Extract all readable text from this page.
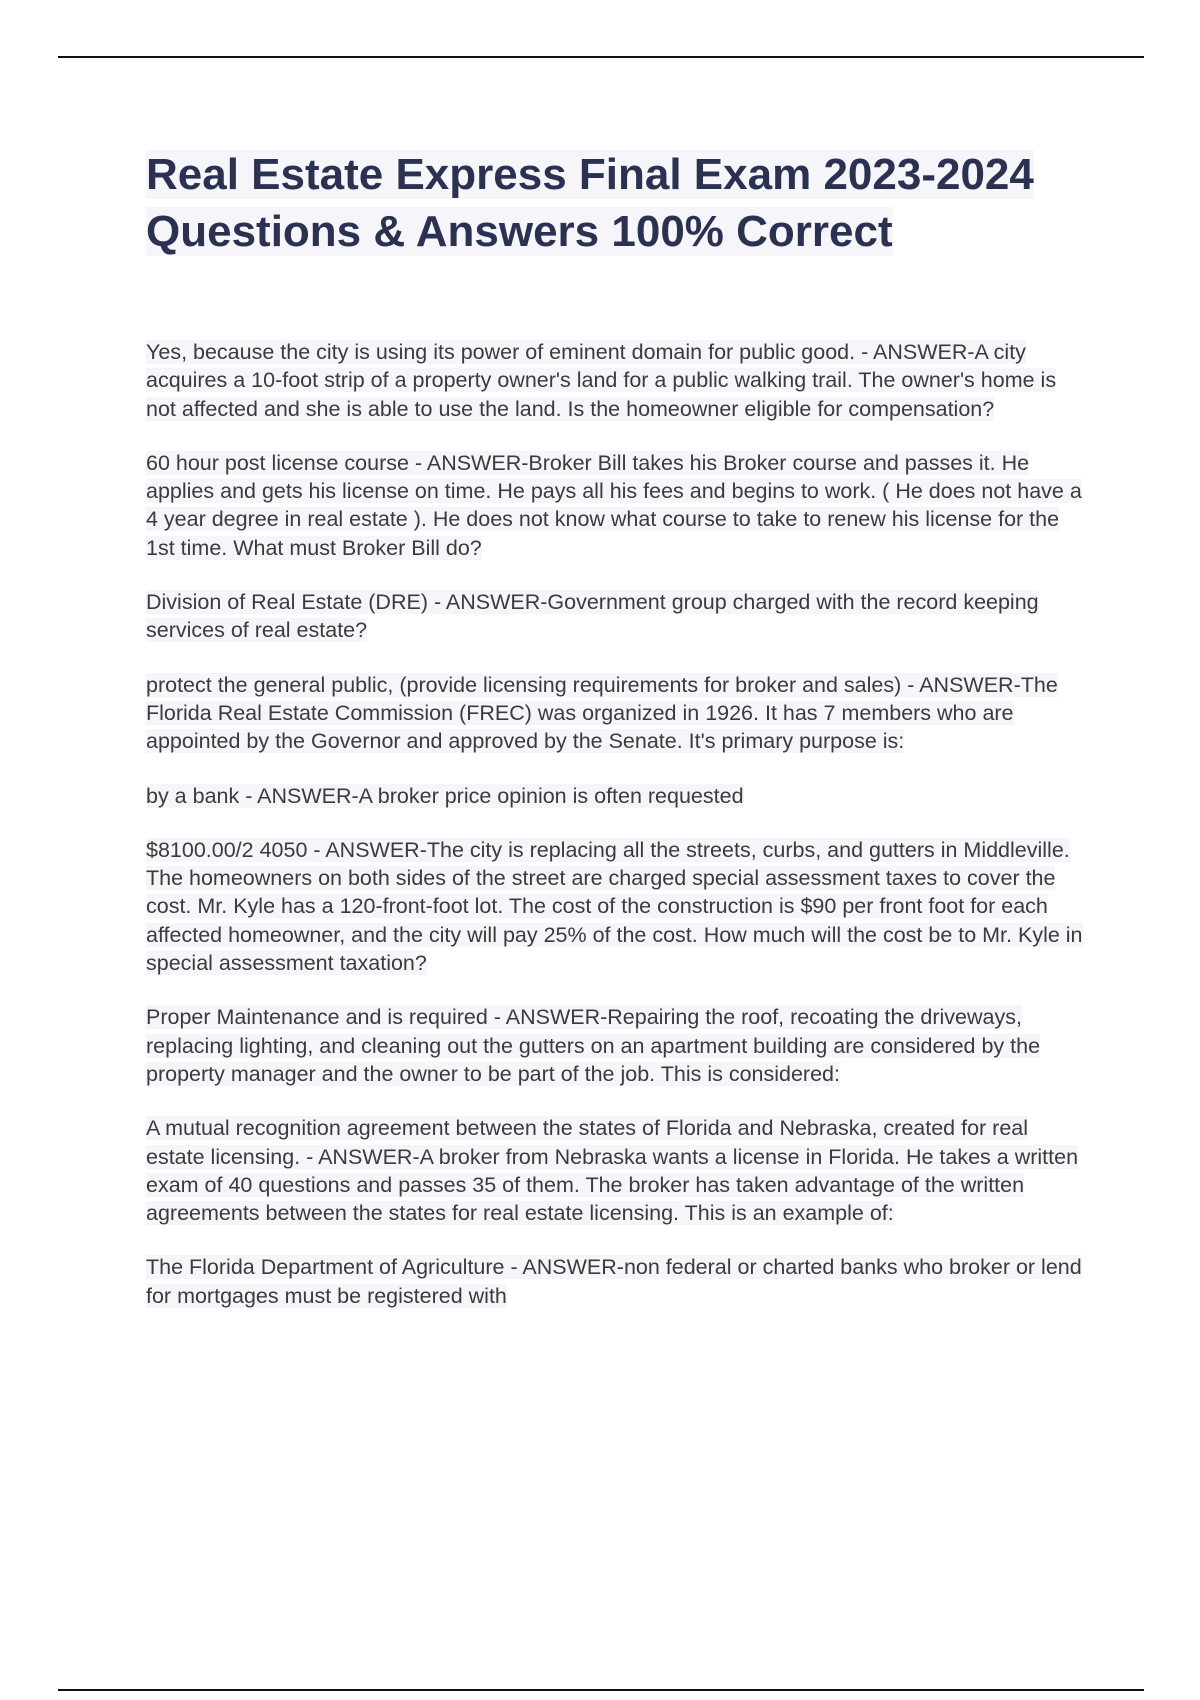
Real Estate Express Final Exam 2023-2024 Questions & Answers 100% Correct
Yes, because the city is using its power of eminent domain for public good. - ANSWER-A city acquires a 10-foot strip of a property owner's land for a public walking trail. The owner's home is not affected and she is able to use the land. Is the homeowner eligible for compensation?
60 hour post license course - ANSWER-Broker Bill takes his Broker course and passes it. He applies and gets his license on time. He pays all his fees and begins to work. ( He does not have a 4 year degree in real estate ). He does not know what course to take to renew his license for the 1st time. What must Broker Bill do?
Division of Real Estate (DRE) - ANSWER-Government group charged with the record keeping services of real estate?
protect the general public, (provide licensing requirements for broker and sales) - ANSWER-The Florida Real Estate Commission (FREC) was organized in 1926. It has 7 members who are appointed by the Governor and approved by the Senate. It's primary purpose is:
by a bank - ANSWER-A broker price opinion is often requested
$8100.00/2 4050 - ANSWER-The city is replacing all the streets, curbs, and gutters in Middleville. The homeowners on both sides of the street are charged special assessment taxes to cover the cost. Mr. Kyle has a 120-front-foot lot. The cost of the construction is $90 per front foot for each affected homeowner, and the city will pay 25% of the cost. How much will the cost be to Mr. Kyle in special assessment taxation?
Proper Maintenance and is required - ANSWER-Repairing the roof, recoating the driveways, replacing lighting, and cleaning out the gutters on an apartment building are considered by the property manager and the owner to be part of the job. This is considered:
A mutual recognition agreement between the states of Florida and Nebraska, created for real estate licensing. - ANSWER-A broker from Nebraska wants a license in Florida. He takes a written exam of 40 questions and passes 35 of them. The broker has taken advantage of the written agreements between the states for real estate licensing. This is an example of:
The Florida Department of Agriculture - ANSWER-non federal or charted banks who broker or lend for mortgages must be registered with
